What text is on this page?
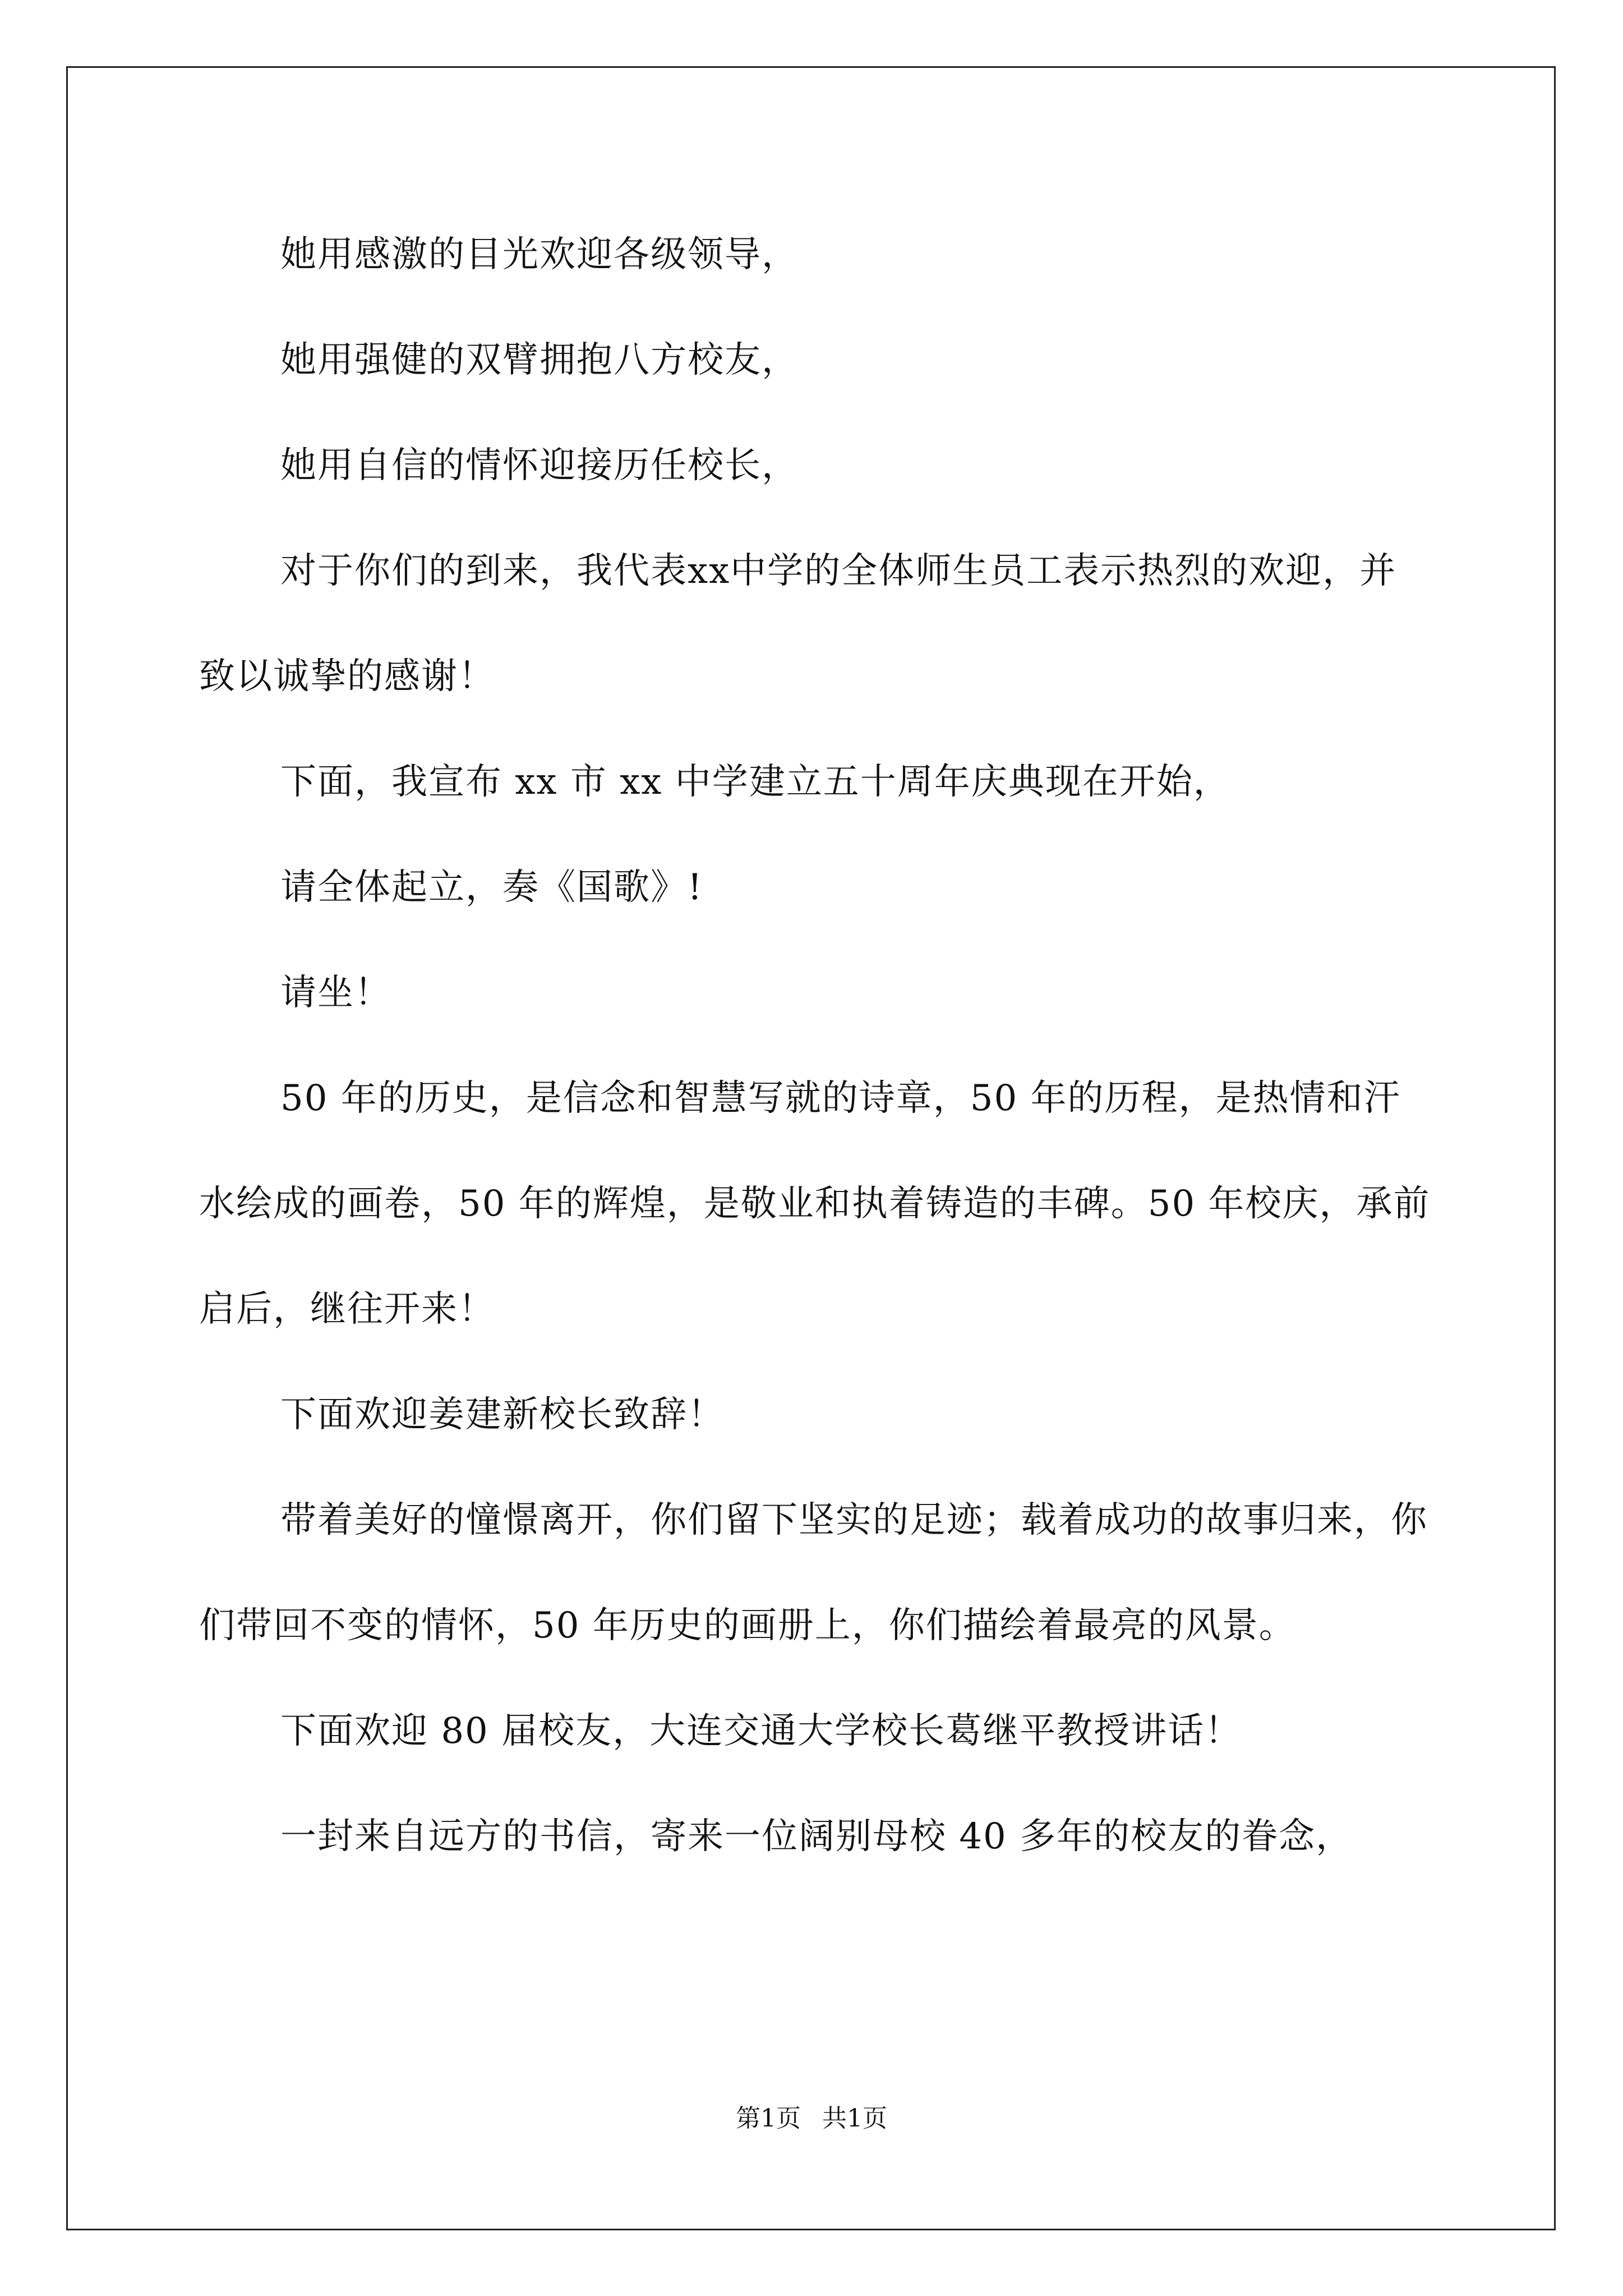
她用感激的目光欢迎各级领导，

她用强健的双臂拥抱八方校友，

她用自信的情怀迎接历任校长，

对于你们的到来，我代表xx中学的全体师生员工表示热烈的欢迎，并致以诚挚的感谢！

下面，我宣布 xx 市 xx 中学建立五十周年庆典现在开始，

请全体起立，奏《国歌》!

请坐！

50 年的历史，是信念和智慧写就的诗章，50 年的历程，是热情和汗水绘成的画卷，50 年的辉煌，是敬业和执着铸造的丰碑。50 年校庆，承前启后，继往开来！

下面欢迎姜建新校长致辞！

带着美好的憧憬离开，你们留下坚实的足迹；载着成功的故事归来，你们带回不变的情怀，50 年历史的画册上，你们描绘着最亮的风景。

下面欢迎 80 届校友，大连交通大学校长葛继平教授讲话！

一封来自远方的书信，寄来一位阔别母校 40 多年的校友的眷念，

第1页 共1页
